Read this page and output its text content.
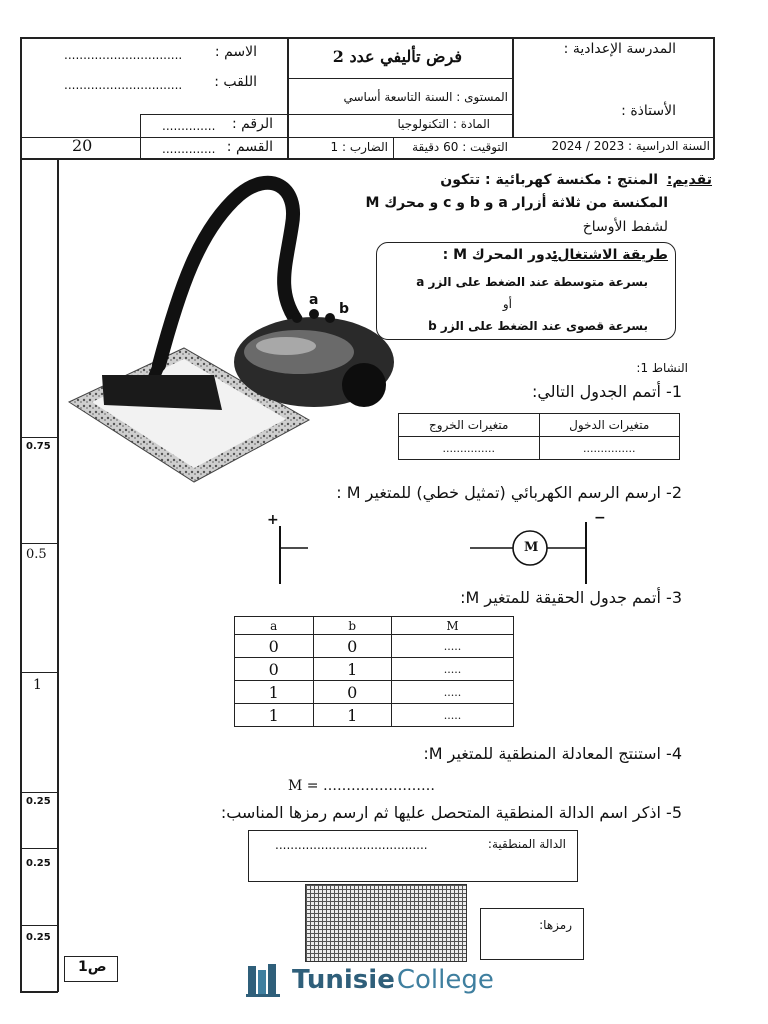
الاسم :
...............................
اللقب :
...............................
الرقم :
..............
القسم :
..............
20
فرض تأليفي عدد 2
المستوى : السنة التاسعة أساسي
المادة : التكنولوجيا
التوقيت : 60 دقيقة
الضارب : 1
المدرسة الإعدادية :
الأستاذة :
السنة الدراسية : 2023 / 2024
0.75
0.5
1
0.25
0.25
0.25
ص1
c
a
b
تقديم:
المنتج : مكنسة كهربائية : تتكون
المكنسة من ثلاثة أزرار a و b و c و محرك M
لشفط الأوساخ
طريقة الاشتغال:
يدور المحرك M :
بسرعة متوسطة عند الضغط على الزر a
أو
بسرعة قصوى عند الضغط على الزر b
النشاط 1:
1- أتمم الجدول التالي:
متغيرات الخروج	متغيرات الدخول
...............	...............
2- ارسم الرسم الكهربائي (تمثيل خطي) للمتغير M :
+	−
M
3- أتمم جدول الحقيقة للمتغير M:
a	b	M
0	0	.....
0	1	.....
1	0	.....
1	1	.....
4- استنتج المعادلة المنطقية للمتغير M:
M = ……………………
5- اذكر اسم الدالة المنطقية المتحصل عليها ثم ارسم رمزها المناسب:
الدالة المنطقية:
........................................
رمزها:
Tunisie College
